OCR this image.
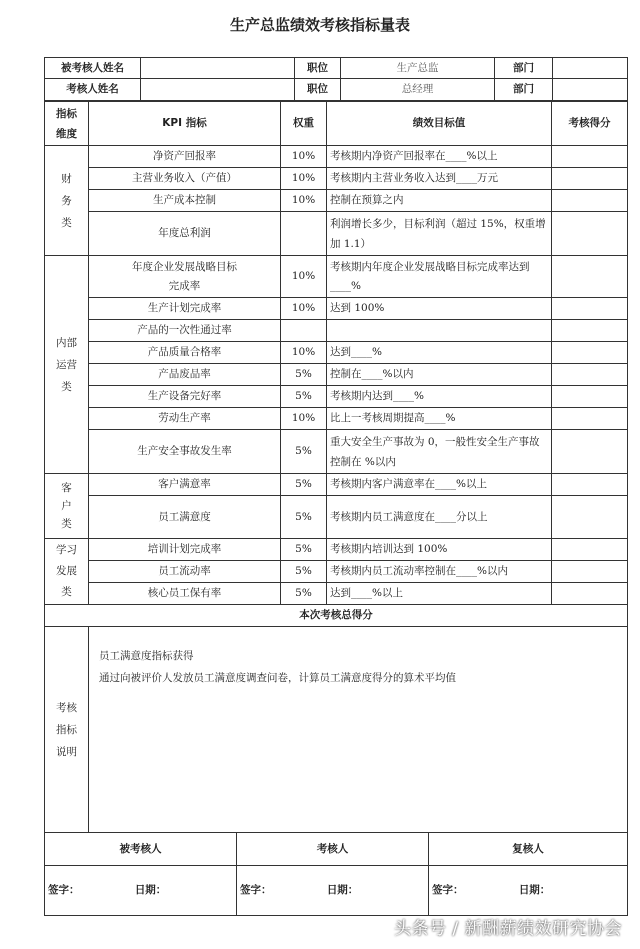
生产总监绩效考核指标量表
被考核人姓名		职位	生产总监	部门	
考核人姓名		职位	总经理	部门	
指标
维度	KPI 指标	权重	绩效目标值	考核得分
财
务
类	净资产回报率	10%	考核期内净资产回报率在____%以上	
	主营业务收入（产值）	10%	考核期内主营业务收入达到____万元	
	生产成本控制	10%	控制在预算之内	
	年度总利润		利润增长多少，目标利润（超过 15%，权重增加 1.1）	
内部
运营
类	年度企业发展战略目标完成率	10%	考核期内年度企业发展战略目标完成率达到 ____%	
	生产计划完成率	10%	达到 100%	
	产品的一次性通过率			
	产品质量合格率	10%	达到____%	
	产品废品率	5%	控制在____%以内	
	生产设备完好率	5%	考核期内达到____%	
	劳动生产率	10%	比上一考核周期提高____%	
	生产安全事故发生率	5%	重大安全生产事故为 0，一般性安全生产事故控制在 %以内	
客
户
类	客户满意率	5%	考核期内客户满意率在____%以上	
	员工满意度	5%	考核期内员工满意度在____分以上	
学习
发展
类	培训计划完成率	5%	考核期内培训达到 100%	
	员工流动率	5%	考核期内员工流动率控制在____%以内	
	核心员工保有率	5%	达到____%以上	
本次考核总得分
考核
指标
说明	
员工满意度指标获得
通过向被评价人发放员工满意度调查问卷，计算员工满意度得分的算术平均值
被考核人	考核人	复核人
签字： 日期：	签字： 日期：	签字： 日期：
头条号 / 新酬薪绩效研究协会
